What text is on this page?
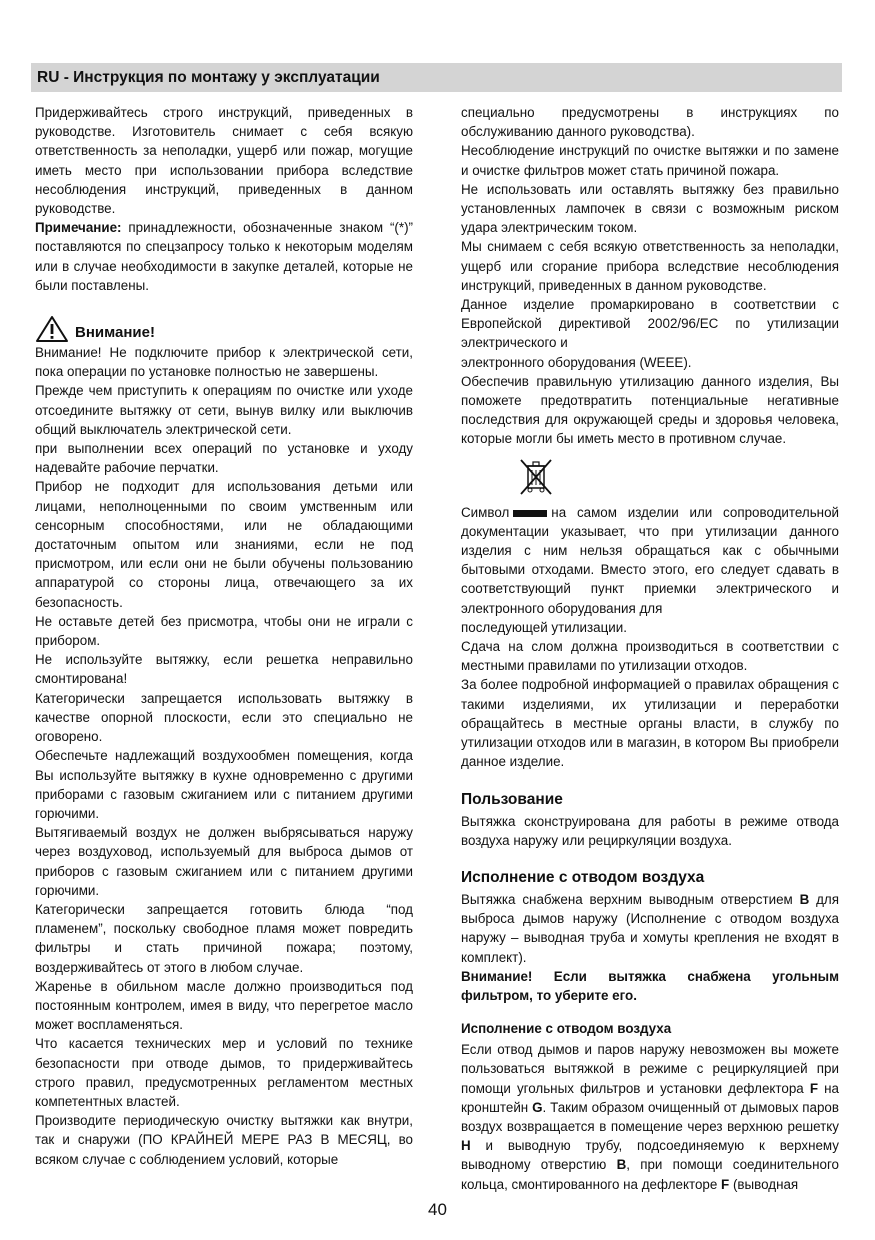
RU - Инструкция по монтажу у эксплуатации

Придерживайтесь строго инструкций, приведенных в руководстве. Изготовитель снимает с себя всякую ответственность за неполадки, ущерб или пожар, могущие иметь место при использовании прибора вследствие несоблюдения инструкций, приведенных в данном руководстве.

Примечание: принадлежности, обозначенные знаком “(*)” поставляются по спецзапросу только к некоторым моделям или в случае необходимости в закупке деталей, которые не были поставлены.

Внимание!

Внимание! Не подключите прибор к электрической сети, пока операции по установке полностью не завершены.

Прежде чем приступить к операциям по очистке или уходе отсоедините вытяжку от сети, вынув вилку или выключив общий выключатель электрической сети.

при выполнении всех операций по установке и уходу надевайте рабочие перчатки.

Прибор не подходит для использования детьми или лицами, неполноценными по своим умственным или сенсорным способностями, или не обладающими достаточным опытом или знаниями, если не под присмотром, или если они не были обучены пользованию аппаратурой со стороны лица, отвечающего за их безопасность.

Не оставьте детей без присмотра, чтобы они не играли с прибором.

Не используйте вытяжку, если решетка неправильно смонтирована!

Категорически запрещается использовать вытяжку в качестве опорной плоскости, если это специально не оговорено.

Обеспечьте надлежащий воздухообмен помещения, когда Вы используйте вытяжку в кухне одновременно с другими приборами с газовым сжиганием или с питанием другими горючими.

Вытягиваемый воздух не должен выбрясываться наружу через воздуховод, используемый для выброса дымов от приборов с газовым сжиганием или с питанием другими горючими.

Категорически запрещается готовить блюда “под пламенем”, поскольку свободное пламя может повредить фильтры и стать причиной пожара; поэтому, воздерживайтесь от этого в любом случае.

Жаренье в обильном масле должно производиться под постоянным контролем, имея в виду, что перегретое масло может воспламеняться.

Что касается технических мер и условий по технике безопасности при отводе дымов, то придерживайтесь строго правил, предусмотренных регламентом местных компетентных властей.

Производите периодическую очистку вытяжки как внутри, так и снаружи (ПО КРАЙНЕЙ МЕРЕ РАЗ В МЕСЯЦ, во всяком случае с соблюдением условий, которые

специально предусмотрены в инструкциях по обслуживанию данного руководства).

Несоблюдение инструкций по очистке вытяжки и по замене и очистке фильтров может стать причиной пожара.

Не использовать или оставлять вытяжку без правильно установленных лампочек в связи с возможным риском удара электрическим током.

Мы снимаем с себя всякую ответственность за неполадки, ущерб или сгорание прибора вследствие несоблюдения инструкций, приведенных в данном руководстве.

Данное изделие промаркировано в соответствии с Европейской директивой 2002/96/EC по утилизации электрического и

электронного оборудования (WEEE).

Обеспечив правильную утилизацию данного изделия, Вы поможете предотвратить потенциальные негативные последствия для окружающей среды и здоровья человека, которые могли бы иметь место в противном случае.

Символ	на самом изделии или сопроводительной документации указывает, что при утилизации данного изделия с ним нельзя обращаться как с обычными бытовыми отходами. Вместо этого, его следует сдавать в соответствующий пункт приемки электрического и электронного оборудования для

последующей утилизации.

Сдача на слом должна производиться в соответствии с местными правилами по утилизации отходов.

За более подробной информацией о правилах обращения с такими изделиями, их утилизации и переработки обращайтесь в местные органы власти, в службу по утилизации отходов или в магазин, в котором Вы приобрели данное изделие.

Пользование

Вытяжка сконструирована для работы в режиме отвода воздуха наружу или рециркуляции воздуха.

Исполнение с отводом воздуха

Вытяжка снабжена верхним выводным отверстием B для выброса дымов наружу (Исполнение с отводом воздуха наружу – выводная труба и хомуты крепления не входят в комплект).

Внимание! Если вытяжка снабжена угольным фильтром, то уберите его.

Исполнение с отводом воздуха

Если отвод дымов и паров наружу невозможен вы можете пользоваться вытяжкой в режиме с рециркуляцией при помощи угольных фильтров и установки дефлектора F на кронштейн G. Таким образом очищенный от дымовых паров воздух возвращается в помещение через верхнюю решетку H и выводную трубу, подсоединяемую к верхнему выводному отверстию B, при помощи соединительного кольца, смонтированного на дефлекторе F (выводная

40
